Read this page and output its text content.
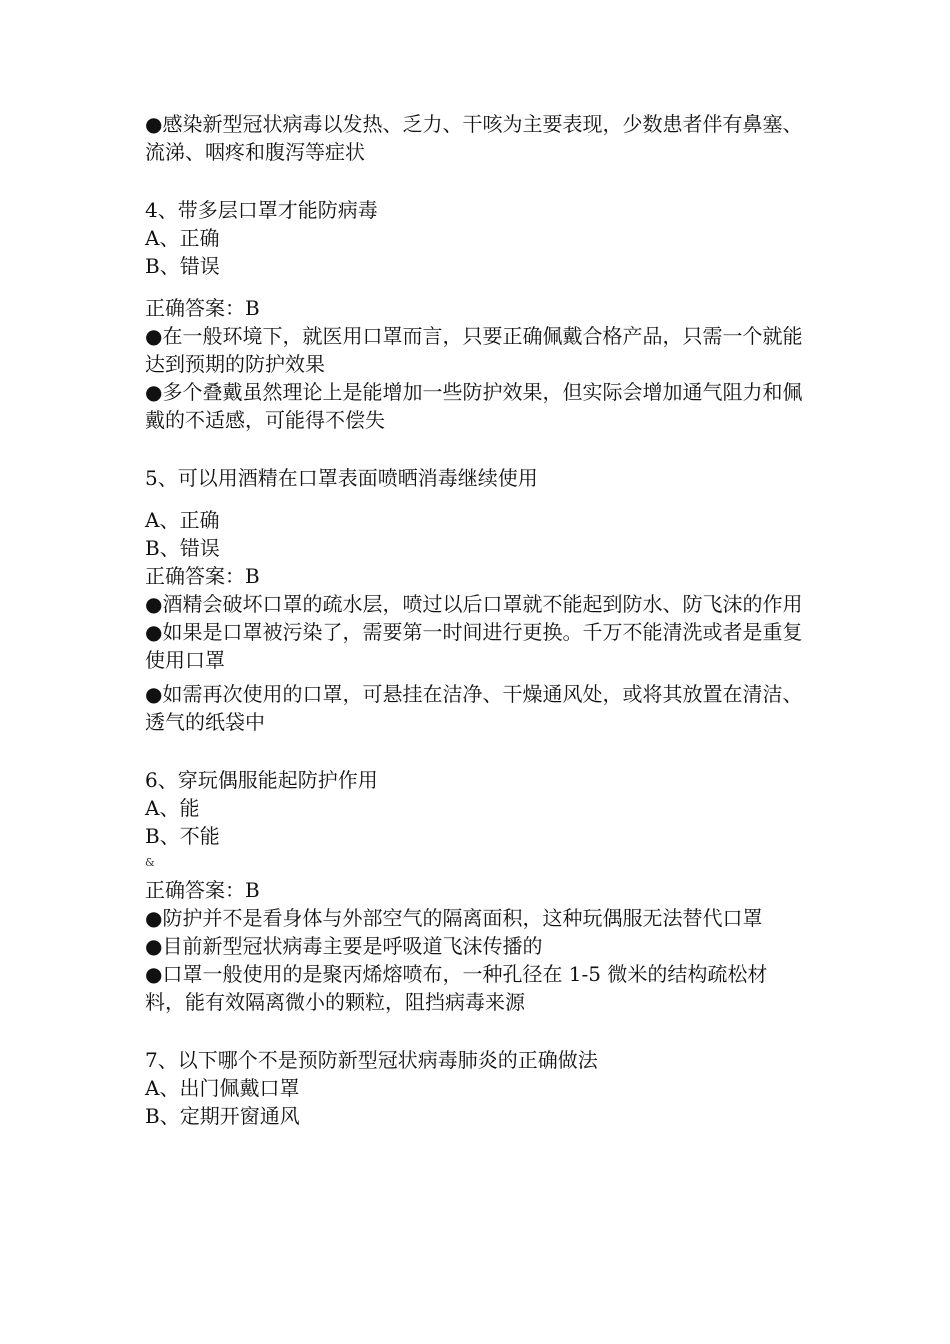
●感染新型冠状病毒以发热、乏力、干咳为主要表现，少数患者伴有鼻塞、流涕、咽疼和腹泻等症状

4、带多层口罩才能防病毒

A、正确

B、错误

正确答案：B

●在一般环境下，就医用口罩而言，只要正确佩戴合格产品，只需一个就能达到预期的防护效果

●多个叠戴虽然理论上是能增加一些防护效果，但实际会增加通气阻力和佩戴的不适感，可能得不偿失

5、可以用酒精在口罩表面喷晒消毒继续使用

A、正确

B、错误

正确答案：B

●酒精会破坏口罩的疏水层，喷过以后口罩就不能起到防水、防飞沫的作用

●如果是口罩被污染了，需要第一时间进行更换。千万不能清洗或者是重复使用口罩

●如需再次使用的口罩，可悬挂在洁净、干燥通风处，或将其放置在清洁、透气的纸袋中

6、穿玩偶服能起防护作用

A、能

B、不能

&

正确答案：B

●防护并不是看身体与外部空气的隔离面积，这种玩偶服无法替代口罩

●目前新型冠状病毒主要是呼吸道飞沫传播的

●口罩一般使用的是聚丙烯熔喷布，一种孔径在 1-5 微米的结构疏松材料，能有效隔离微小的颗粒，阻挡病毒来源

7、以下哪个不是预防新型冠状病毒肺炎的正确做法

A、出门佩戴口罩

B、定期开窗通风
